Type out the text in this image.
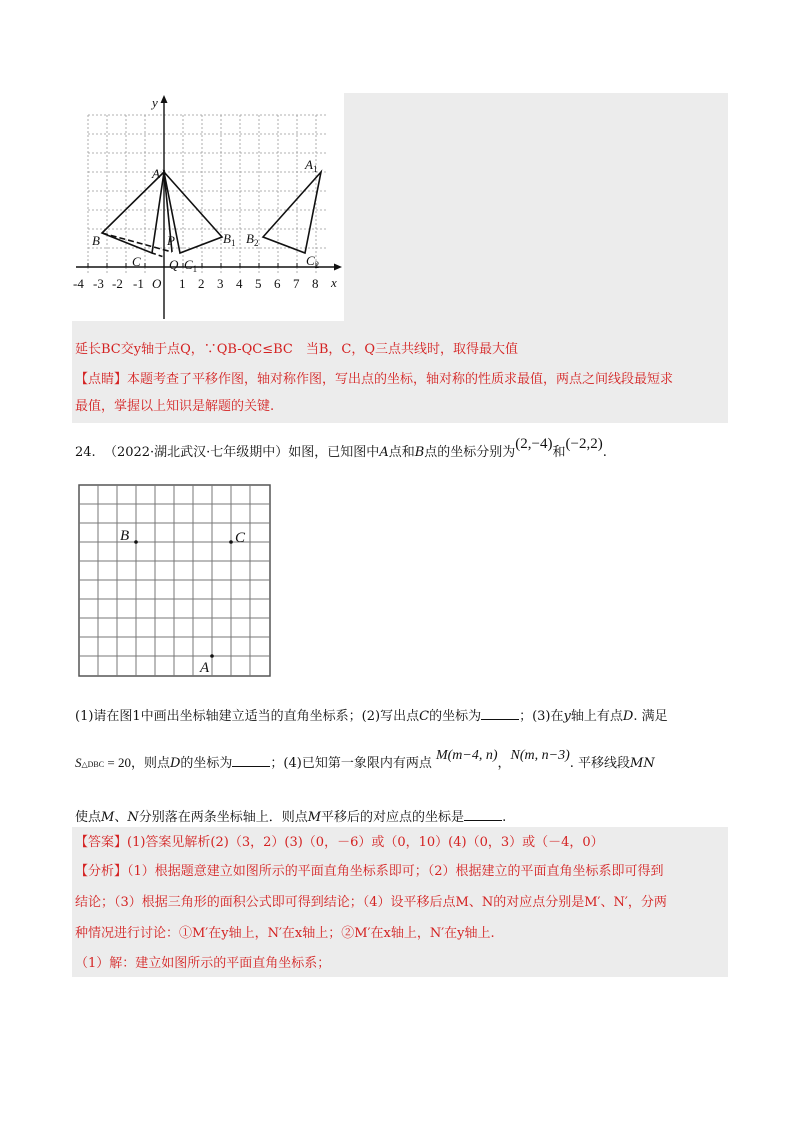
y
x
A
B
C
P
Q $C_1$
$B_1$ $B_2$
$A_1$
$C_2$
-4 -3 -2 -1 O 1 2 3 4 5 6 7 8
延长BC交y轴于点Q，∵QB-QC≤BC　当B，C，Q三点共线时，取得最大值
【点睛】本题考查了平移作图，轴对称作图，写出点的坐标，轴对称的性质求最值，两点之间线段最短求
最值，掌握以上知识是解题的关键.
24. （2022·湖北武汉·七年级期中）如图，已知图中A点和B点的坐标分别为(2,−4)和(−2,2).
B	C
A
(1)请在图1中画出坐标轴建立适当的直角坐标系；(2)写出点C的坐标为	；(3)在y轴上有点D. 满足
S△DBC = 20，则点D的坐标为	；(4)已知第一象限内有两点 M(m−4, n)，N(m, n−3). 平移线段MN
使点M、N分别落在两条坐标轴上．则点M平移后的对应点的坐标是	.
【答案】(1)答案见解析(2)（3，2）(3)（0，－6）或（0，10）(4)（0，3）或（－4，0）
【分析】（1）根据题意建立如图所示的平面直角坐标系即可；（2）根据建立的平面直角坐标系即可得到
结论；（3）根据三角形的面积公式即可得到结论；（4）设平移后点M、N的对应点分别是M′、N′，分两
种情况进行讨论：①M′在y轴上，N′在x轴上；②M′在x轴上，N′在y轴上.
（1）解：建立如图所示的平面直角坐标系；
